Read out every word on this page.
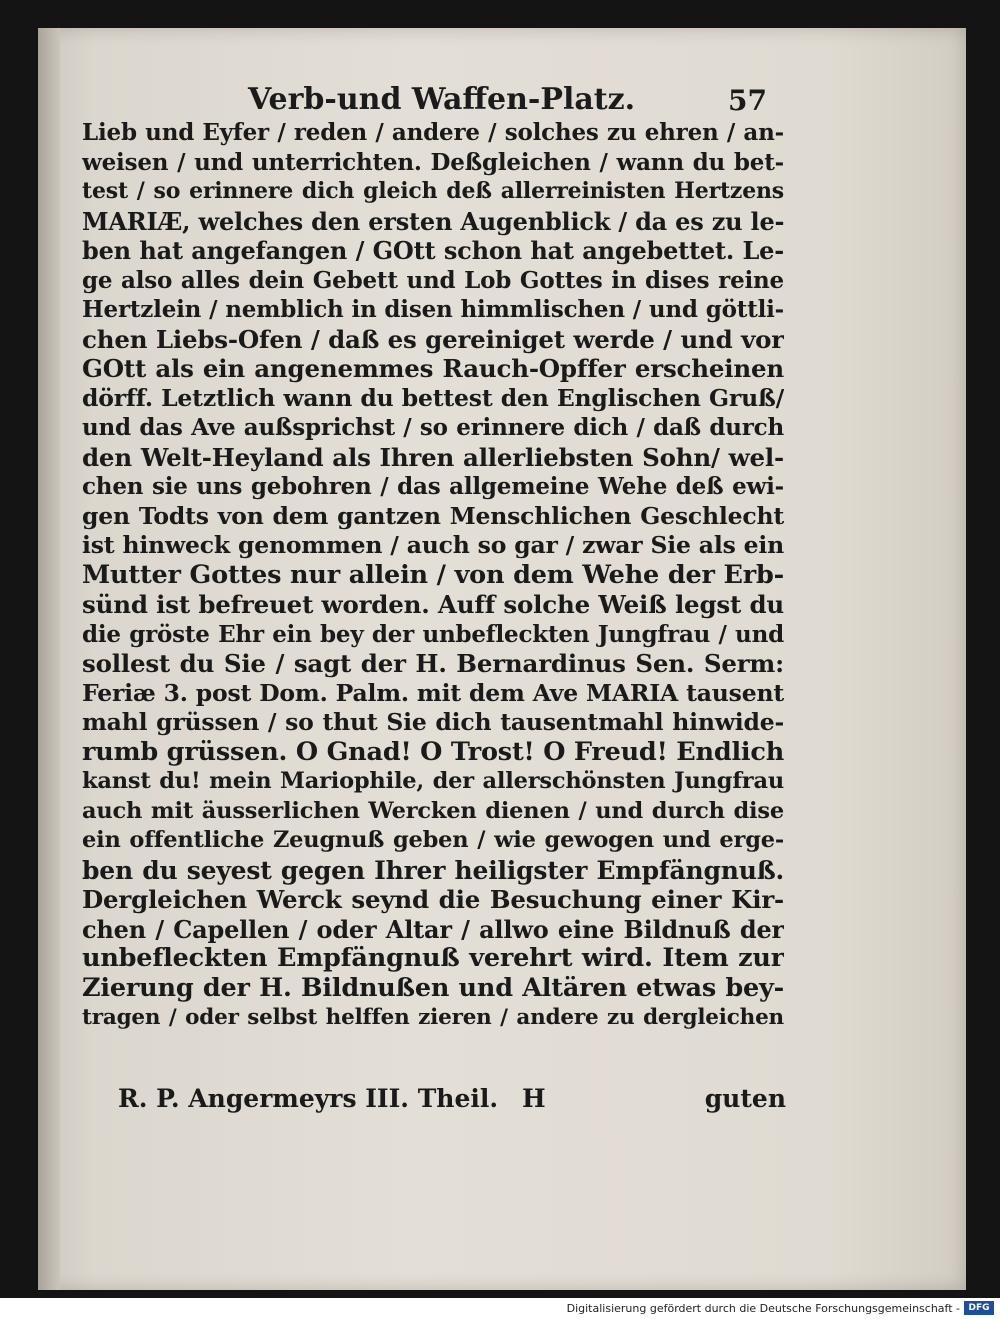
Verb-und Waffen-Platz.	57
Lieb und Eyfer / reden / andere / solches zu ehren / an-
weisen / und unterrichten. Deßgleichen / wann du bet-
test / so erinnere dich gleich deß allerreinisten Hertzens
MARIÆ, welches den ersten Augenblick / da es zu le-
ben hat angefangen / GOtt schon hat angebettet. Le-
ge also alles dein Gebett und Lob Gottes in dises reine
Hertzlein / nemblich in disen himmlischen / und göttli-
chen Liebs-Ofen / daß es gereiniget werde / und vor
GOtt als ein angenemmes Rauch-Opffer erscheinen
dörff. Letztlich wann du bettest den Englischen Gruß/
und das Ave außsprichst / so erinnere dich / daß durch
den Welt-Heyland als Ihren allerliebsten Sohn/ wel-
chen sie uns gebohren / das allgemeine Wehe deß ewi-
gen Todts von dem gantzen Menschlichen Geschlecht
ist hinweck genommen / auch so gar / zwar Sie als ein
Mutter Gottes nur allein / von dem Wehe der Erb-
sünd ist befreuet worden. Auff solche Weiß legst du
die gröste Ehr ein bey der unbefleckten Jungfrau / und
sollest du Sie / sagt der H. Bernardinus Sen. Serm:
Feriæ 3. post Dom. Palm. mit dem Ave MARIA tausent
mahl grüssen / so thut Sie dich tausentmahl hinwide-
rumb grüssen. O Gnad! O Trost! O Freud! Endlich
kanst du! mein Mariophile, der allerschönsten Jungfrau
auch mit äusserlichen Wercken dienen / und durch dise
ein offentliche Zeugnuß geben / wie gewogen und erge-
ben du seyest gegen Ihrer heiligster Empfängnuß.
Dergleichen Werck seynd die Besuchung einer Kir-
chen / Capellen / oder Altar / allwo eine Bildnuß der
unbefleckten Empfängnuß verehrt wird. Item zur
Zierung der H. Bildnußen und Altären etwas bey-
tragen / oder selbst helffen zieren / andere zu dergleichen
R. P. Angermeyrs III. Theil. H	guten
Digitalisierung gefördert durch die Deutsche Forschungsgemeinschaft - DFG
